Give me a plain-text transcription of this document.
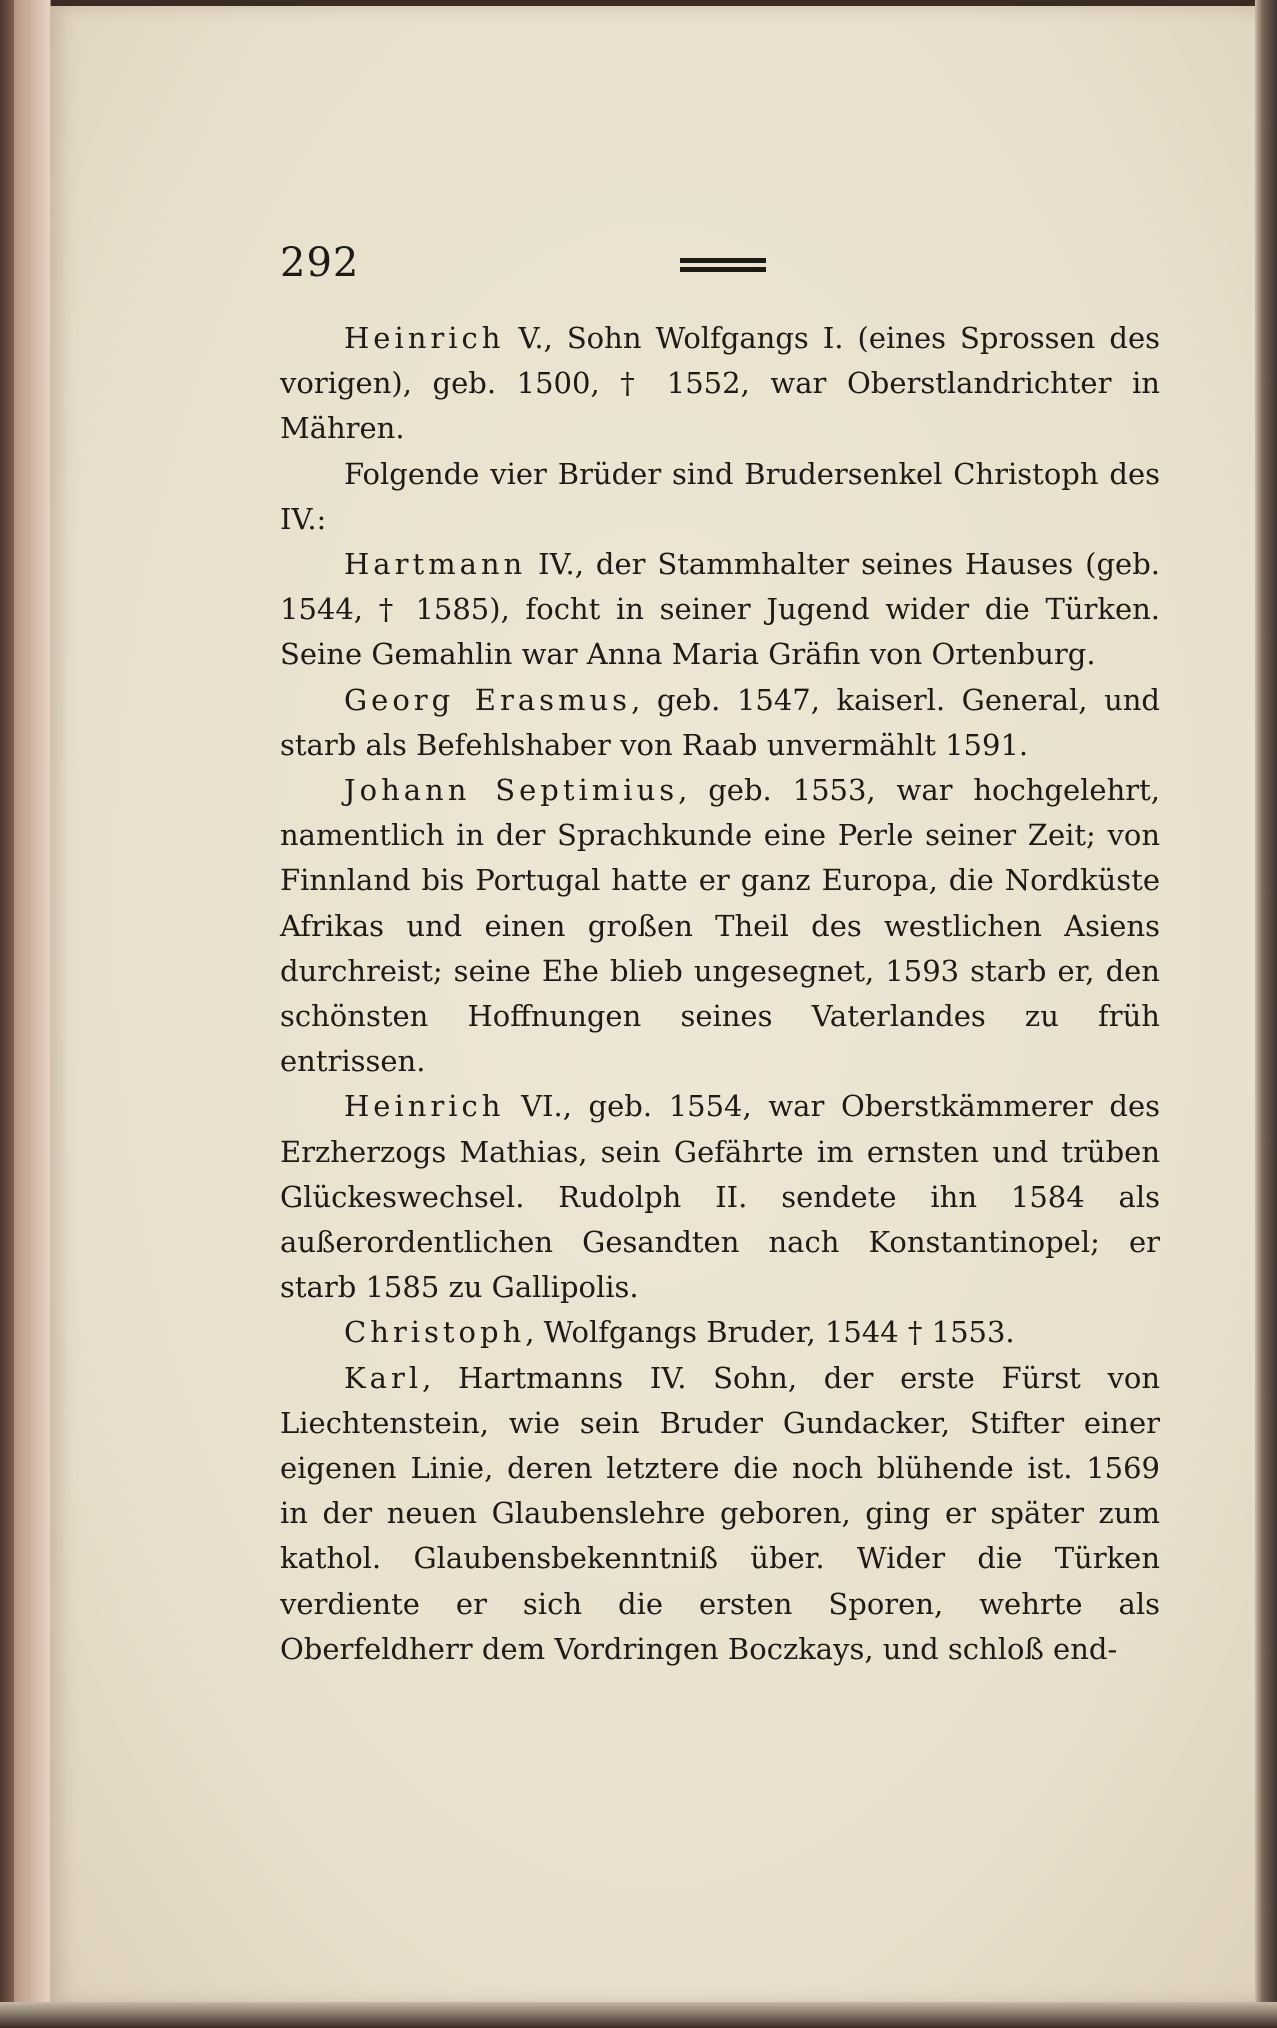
292

Heinrich V., Sohn Wolfgangs I. (eines Sprossen des vorigen), geb. 1500, † 1552, war Oberstlandrichter in Mähren.

Folgende vier Brüder sind Brudersenkel Christoph des IV.:

Hartmann IV., der Stammhalter seines Hauses (geb. 1544, † 1585), focht in seiner Jugend wider die Türken. Seine Gemahlin war Anna Maria Gräfin von Ortenburg.

Georg Erasmus, geb. 1547, kaiserl. General, und starb als Befehlshaber von Raab unvermählt 1591.

Johann Septimius, geb. 1553, war hochgelehrt, namentlich in der Sprachkunde eine Perle seiner Zeit; von Finnland bis Portugal hatte er ganz Europa, die Nordküste Afrikas und einen großen Theil des westlichen Asiens durchreist; seine Ehe blieb ungesegnet, 1593 starb er, den schönsten Hoffnungen seines Vaterlandes zu früh entrissen.

Heinrich VI., geb. 1554, war Oberstkämmerer des Erzherzogs Mathias, sein Gefährte im ernsten und trüben Glückeswechsel. Rudolph II. sendete ihn 1584 als außerordentlichen Gesandten nach Konstantinopel; er starb 1585 zu Gallipolis.

Christoph, Wolfgangs Bruder, 1544 † 1553.

Karl, Hartmanns IV. Sohn, der erste Fürst von Liechtenstein, wie sein Bruder Gundacker, Stifter einer eigenen Linie, deren letztere die noch blühende ist. 1569 in der neuen Glaubenslehre geboren, ging er später zum kathol. Glaubensbekenntniß über. Wider die Türken verdiente er sich die ersten Sporen, wehrte als Oberfeldherr dem Vordringen Boczkays, und schloß end-
